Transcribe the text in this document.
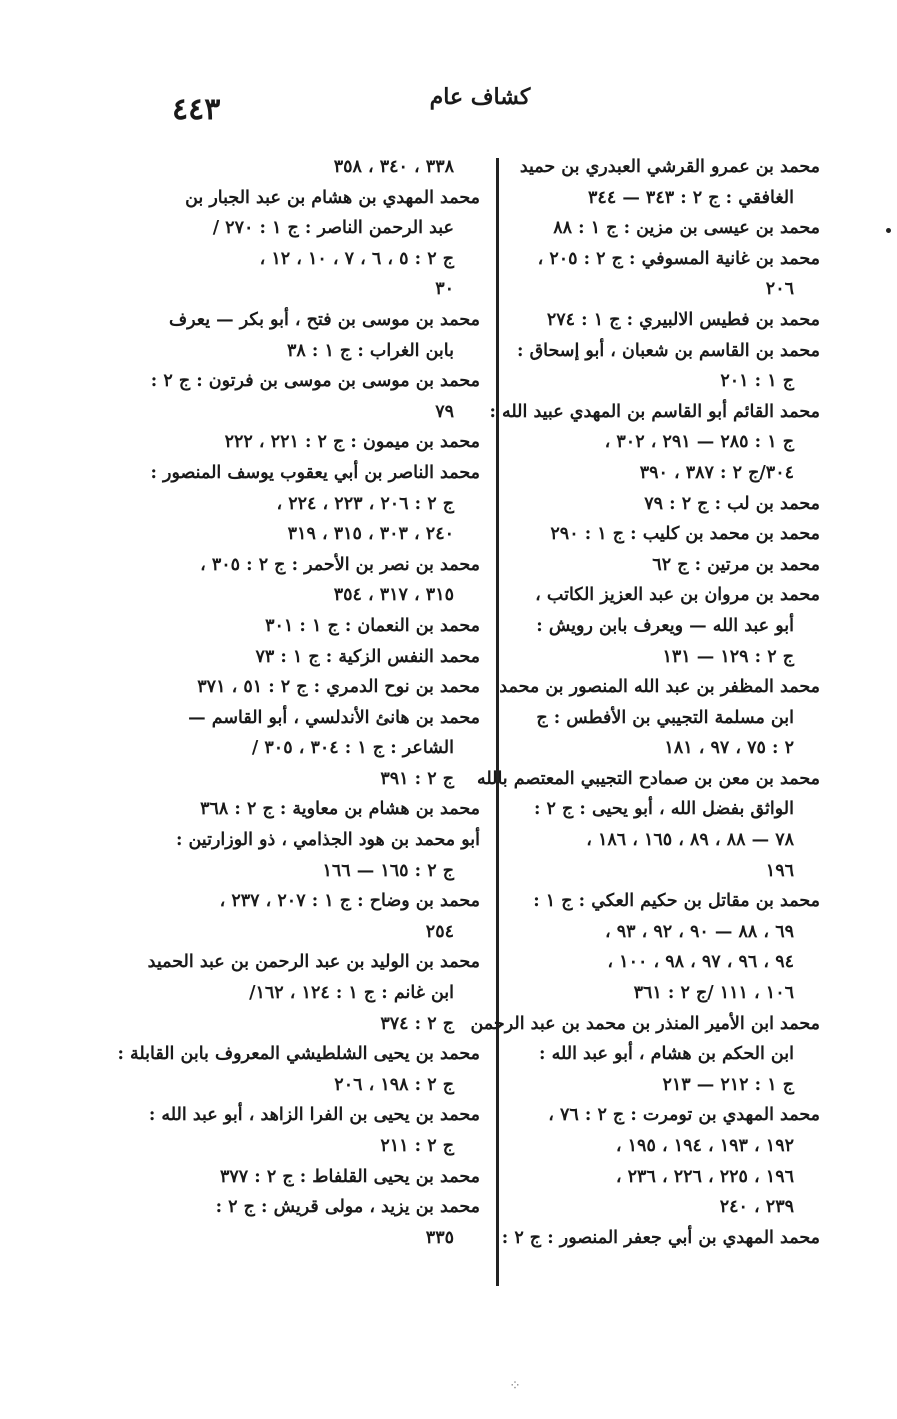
٤٤٣	كشاف عام
محمد بن عمرو القرشي العبدري بن حميد
الغافقي : ج ٢ : ٣٤٣ — ٣٤٤
محمد بن عيسى بن مزين : ج ١ : ٨٨
محمد بن غانية المسوفي : ج ٢ : ٢٠٥ ،
٢٠٦
محمد بن فطيس الالبيري : ج ١ : ٢٧٤
محمد بن القاسم بن شعبان ، أبو إسحاق :
ج ١ : ٢٠١
محمد القائم أبو القاسم بن المهدي عبيد الله :
ج ١ : ٢٨٥ — ٢٩١ ، ٣٠٢ ،
٣٠٤/ج ٢ : ٣٨٧ ، ٣٩٠
محمد بن لب : ج ٢ : ٧٩
محمد بن محمد بن كليب : ج ١ : ٢٩٠
محمد بن مرتين : ج ٦٢
محمد بن مروان بن عبد العزيز الكاتب ،
أبو عبد الله — ويعرف بابن رويش :
ج ٢ : ١٢٩ — ١٣١
محمد المظفر بن عبد الله المنصور بن محمد
ابن مسلمة التجيبي بن الأفطس : ج
٢ : ٧٥ ، ٩٧ ، ١٨١
محمد بن معن بن صمادح التجيبي المعتصم بالله
الواثق بفضل الله ، أبو يحيى : ج ٢ :
٧٨ — ٨٨ ، ٨٩ ، ١٦٥ ، ١٨٦ ،
١٩٦
محمد بن مقاتل بن حكيم العكي : ج ١ :
٦٩ ، ٨٨ — ٩٠ ، ٩٢ ، ٩٣ ،
٩٤ ، ٩٦ ، ٩٧ ، ٩٨ ، ١٠٠ ،
١٠٦ ، ١١١ /ج ٢ : ٣٦١
محمد ابن الأمير المنذر بن محمد بن عبد الرحمن
ابن الحكم بن هشام ، أبو عبد الله :
ج ١ : ٢١٢ — ٢١٣
محمد المهدي بن تومرت : ج ٢ : ٧٦ ،
١٩٢ ، ١٩٣ ، ١٩٤ ، ١٩٥ ،
١٩٦ ، ٢٢٥ ، ٢٢٦ ، ٢٣٦ ،
٢٣٩ ، ٢٤٠
محمد المهدي بن أبي جعفر المنصور : ج ٢ :
٣٣٨ ، ٣٤٠ ، ٣٥٨
محمد المهدي بن هشام بن عبد الجبار بن
عبد الرحمن الناصر : ج ١ : ٢٧٠ /
ج ٢ : ٥ ، ٦ ، ٧ ، ١٠ ، ١٢ ،
٣٠
محمد بن موسى بن فتح ، أبو بكر — يعرف
بابن الغراب : ج ١ : ٣٨
محمد بن موسى بن موسى بن فرتون : ج ٢ :
٧٩
محمد بن ميمون : ج ٢ : ٢٢١ ، ٢٢٢
محمد الناصر بن أبي يعقوب يوسف المنصور :
ج ٢ : ٢٠٦ ، ٢٢٣ ، ٢٢٤ ،
٢٤٠ ، ٣٠٣ ، ٣١٥ ، ٣١٩
محمد بن نصر بن الأحمر : ج ٢ : ٣٠٥ ،
٣١٥ ، ٣١٧ ، ٣٥٤
محمد بن النعمان : ج ١ : ٣٠١
محمد النفس الزكية : ج ١ : ٧٣
محمد بن نوح الدمري : ج ٢ : ٥١ ، ٣٧١
محمد بن هانئ الأندلسي ، أبو القاسم —
الشاعر : ج ١ : ٣٠٤ ، ٣٠٥ /
ج ٢ : ٣٩١
محمد بن هشام بن معاوية : ج ٢ : ٣٦٨
أبو محمد بن هود الجذامي ، ذو الوزارتين :
ج ٢ : ١٦٥ — ١٦٦
محمد بن وضاح : ج ١ : ٢٠٧ ، ٢٣٧ ،
٢٥٤
محمد بن الوليد بن عبد الرحمن بن عبد الحميد
ابن غانم : ج ١ : ١٢٤ ، ١٦٢/
ج ٢ : ٣٧٤
محمد بن يحيى الشلطيشي المعروف بابن القابلة :
ج ٢ : ١٩٨ ، ٢٠٦
محمد بن يحيى بن الفرا الزاهد ، أبو عبد الله :
ج ٢ : ٢١١
محمد بن يحيى القلفاط : ج ٢ : ٣٧٧
محمد بن يزيد ، مولى قريش : ج ٢ :
٣٣٥
⁘
